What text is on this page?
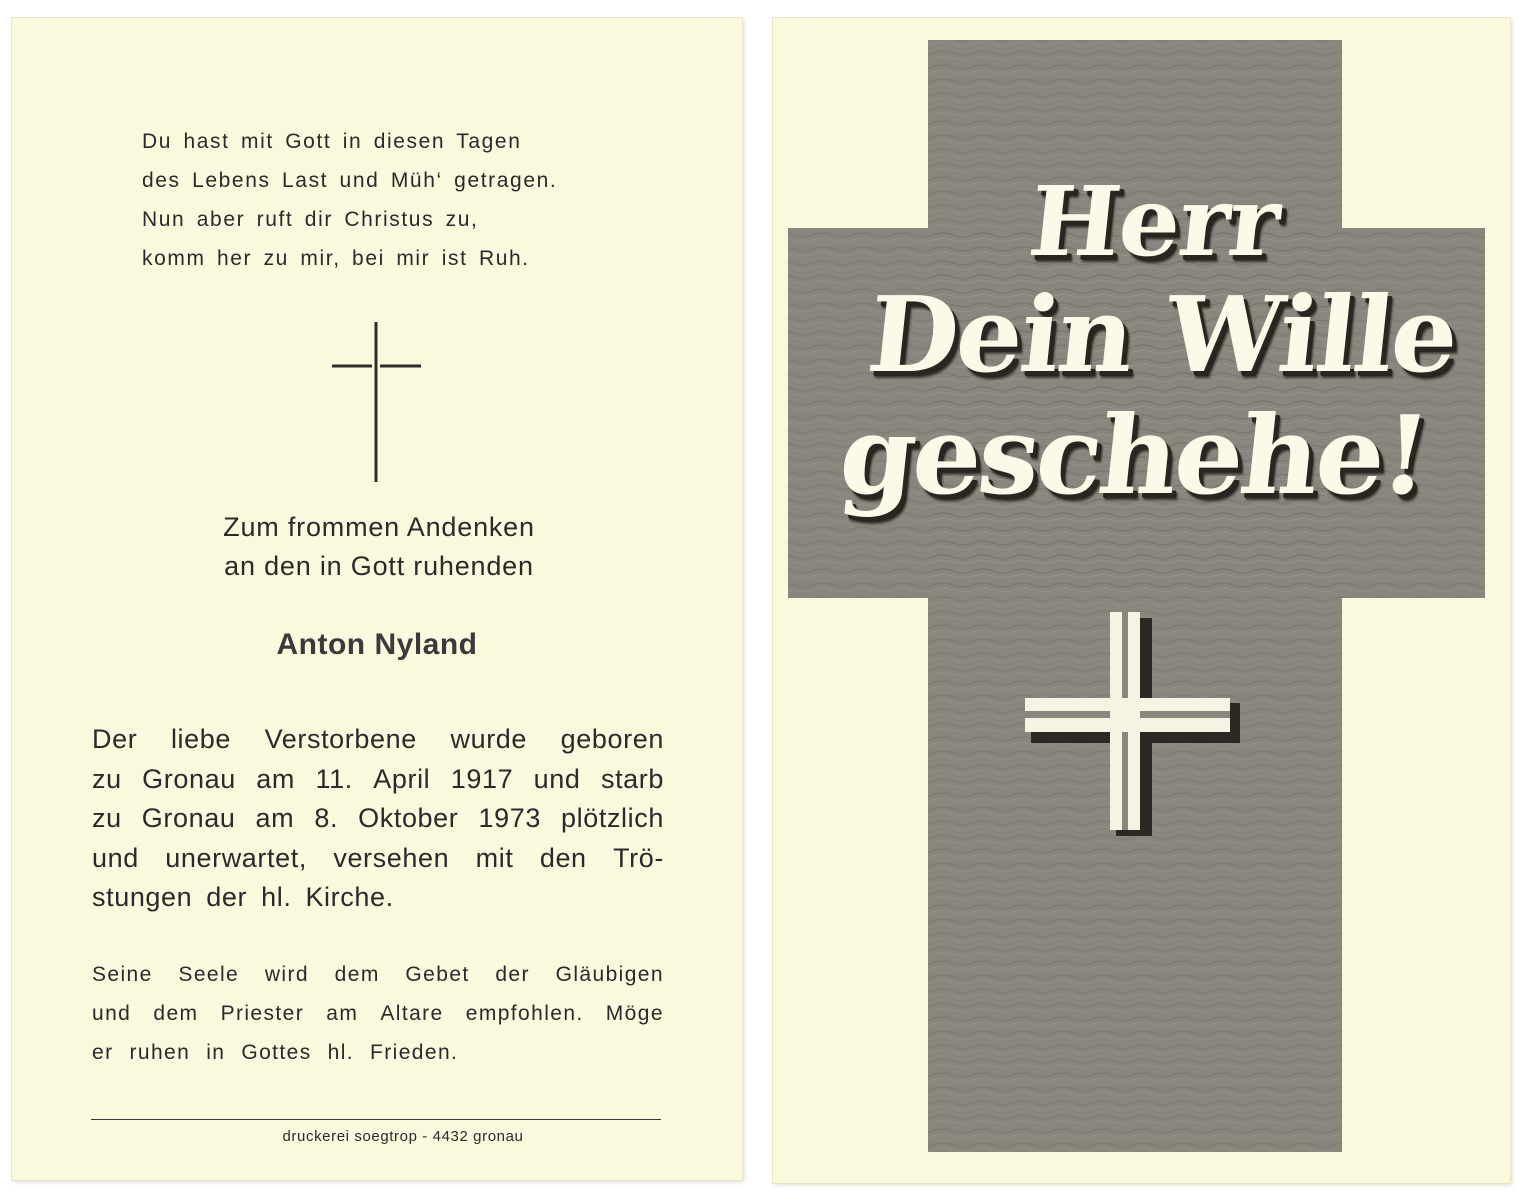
Du hast mit Gott in diesen Tagen
des Lebens Last und Müh‘ getragen.
Nun aber ruft dir Christus zu,
komm her zu mir, bei mir ist Ruh.
Zum frommen Andenken
an den in Gott ruhenden
Anton Nyland
Der liebe Verstorbene wurde geboren
zu Gronau am 11. April 1917 und starb
zu Gronau am 8. Oktober 1973 plötzlich
und unerwartet, versehen mit den Trö-
stungen der hl. Kirche.
Seine Seele wird dem Gebet der Gläubigen
und dem Priester am Altare empfohlen. Möge
er ruhen in Gottes hl. Frieden.
druckerei soegtrop - 4432 gronau
Herr
Dein Wille
geschehe!
